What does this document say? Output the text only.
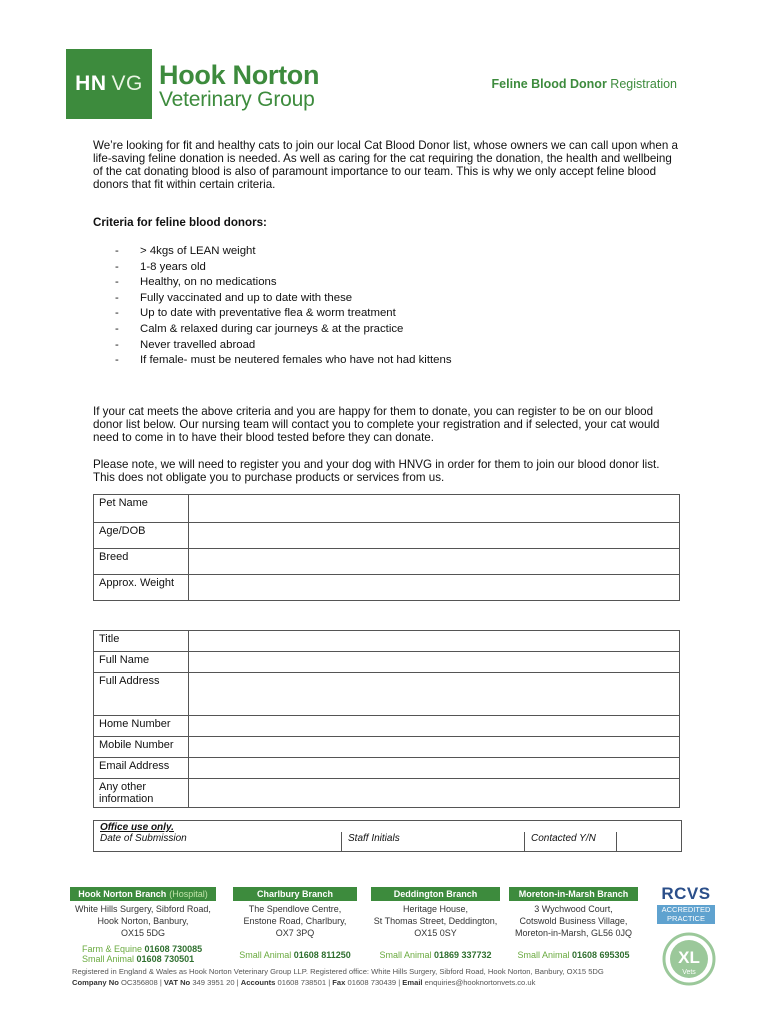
HN VG Hook Norton
Veterinary Group
Feline Blood Donor Registration
We’re looking for fit and healthy cats to join our local Cat Blood Donor list, whose owners we can call upon when a life-saving feline donation is needed. As well as caring for the cat requiring the donation, the health and wellbeing of the cat donating blood is also of paramount importance to our team. This is why we only accept feline blood donors that fit within certain criteria.
Criteria for feline blood donors:
- > 4kgs of LEAN weight
- 1-8 years old
- Healthy, on no medications
- Fully vaccinated and up to date with these
- Up to date with preventative flea & worm treatment
- Calm & relaxed during car journeys & at the practice
- Never travelled abroad
- If female- must be neutered females who have not had kittens
If your cat meets the above criteria and you are happy for them to donate, you can register to be on our blood donor list below. Our nursing team will contact you to complete your registration and if selected, your cat would need to come in to have their blood tested before they can donate.
Please note, we will need to register you and your dog with HNVG in order for them to join our blood donor list. This does not obligate you to purchase products or services from us.
Pet Name	
Age/DOB	
Breed	
Approx. Weight	
Title	
Full Name	
Full Address	
Home Number	
Mobile Number	
Email Address	

Any other
information	

Office use only.
Date of Submission	Staff Initials	Contacted Y/N
Hook Norton Branch (Hospital)
White Hills Surgery, Sibford Road,
Hook Norton, Banbury,
OX15 5DG
Farm & Equine 01608 730085
Small Animal 01608 730501
Charlbury Branch
The Spendlove Centre,
Enstone Road, Charlbury,
OX7 3PQ
Small Animal 01608 811250
Deddington Branch
Heritage House,
St Thomas Street, Deddington,
OX15 0SY
Small Animal 01869 337732
Moreton-in-Marsh Branch
3 Wychwood Court,
Cotswold Business Village,
Moreton-in-Marsh, GL56 0JQ
Small Animal 01608 695305
RCVS
ACCREDITED
PRACTICE
XL
Vets
Registered in England & Wales as Hook Norton Veterinary Group LLP. Registered office: White Hills Surgery, Sibford Road, Hook Norton, Banbury, OX15 5DG
Company No OC356808 | VAT No 349 3951 20 | Accounts 01608 738501 | Fax 01608 730439 | Email enquiries@hooknortonvets.co.uk
